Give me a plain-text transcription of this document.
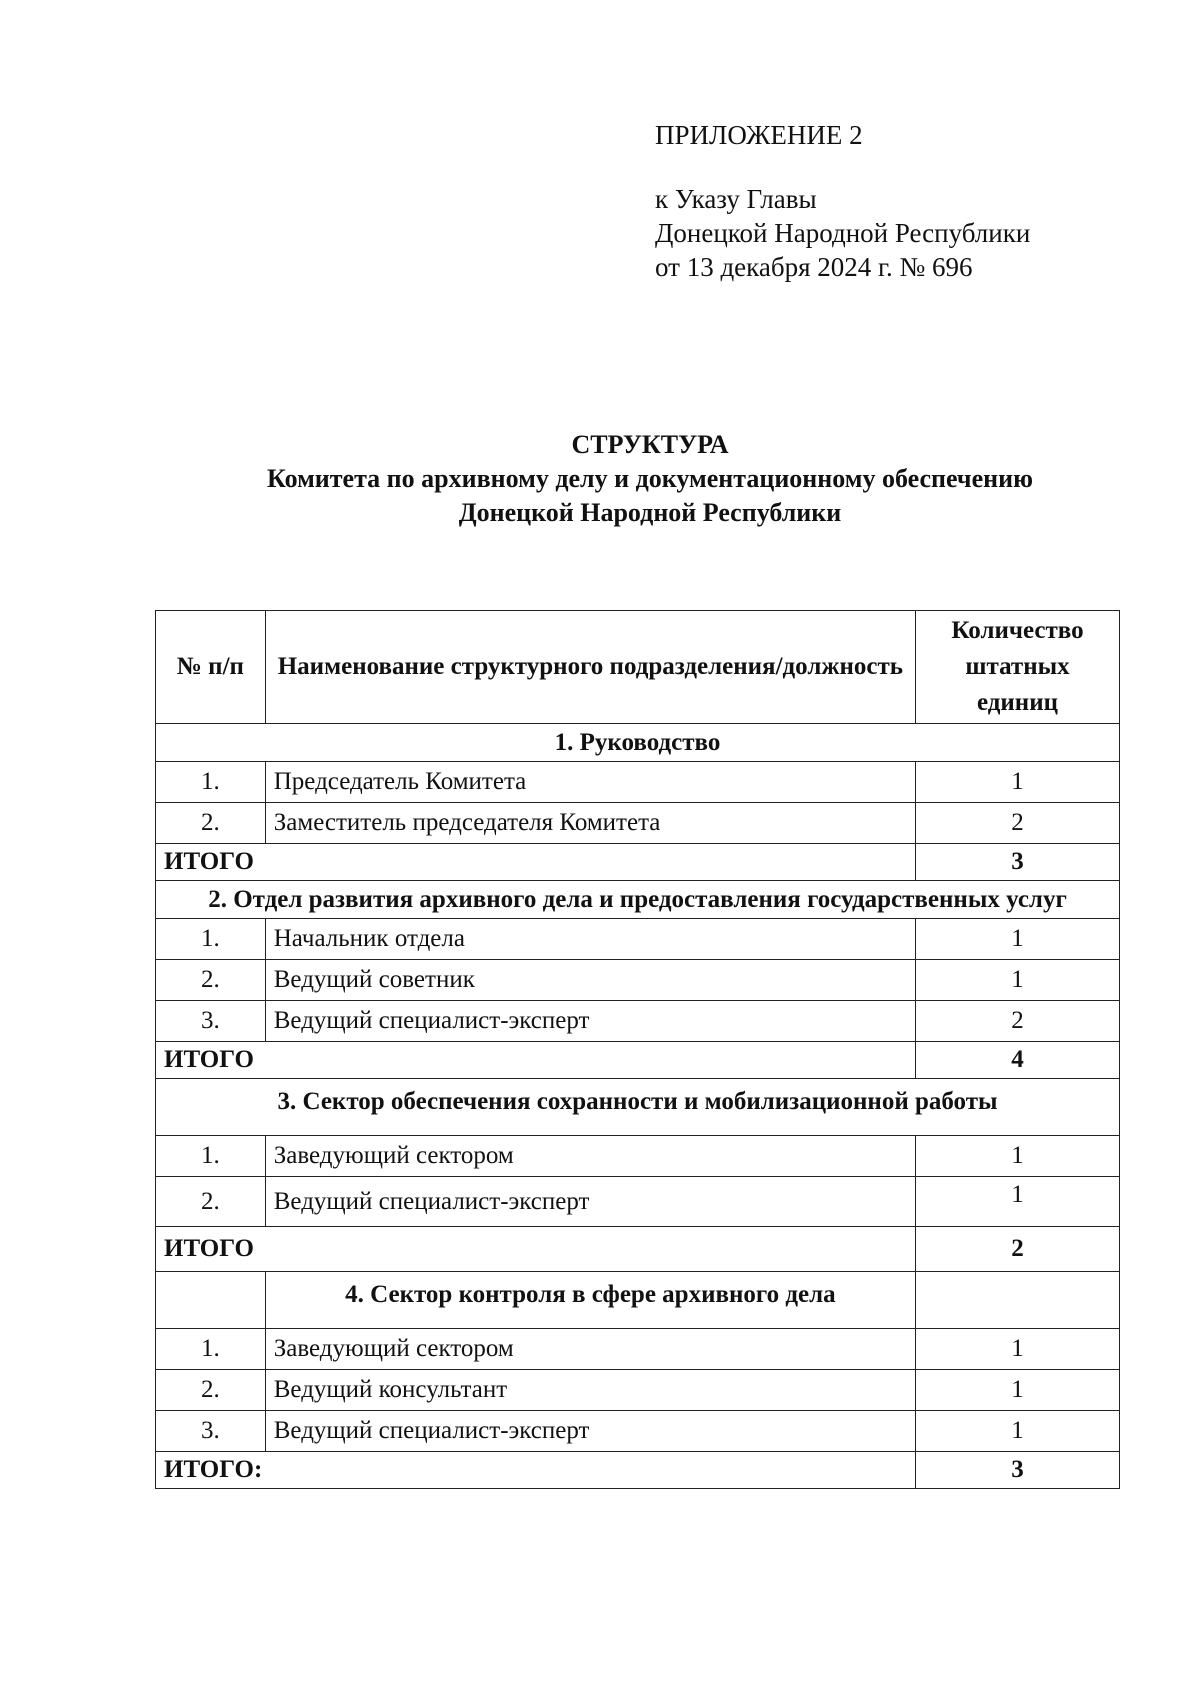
ПРИЛОЖЕНИЕ 2
к Указу Главы
Донецкой Народной Республики
от 13 декабря 2024 г. № 696
СТРУКТУРА
Комитета по архивному делу и документационному обеспечению
Донецкой Народной Республики
№ п/п	Наименование структурного подразделения/должность	Количество штатных единиц
1. Руководство		
1.	Председатель Комитета	1
2.	Заместитель председателя Комитета	2
ИТОГО		3
2. Отдел развития архивного дела и предоставления государственных услуг		
1.	Начальник отдела	1
2.	Ведущий советник	1
3.	Ведущий специалист-эксперт	2
ИТОГО		4
3. Сектор обеспечения сохранности и мобилизационной работы		
1.	Заведующий сектором	1
2.	Ведущий специалист-эксперт	1
ИТОГО		2
	4. Сектор контроля в сфере архивного дела	
1.	Заведующий сектором	1
2.	Ведущий консультант	1
3.	Ведущий специалист-эксперт	1
ИТОГО:		3
